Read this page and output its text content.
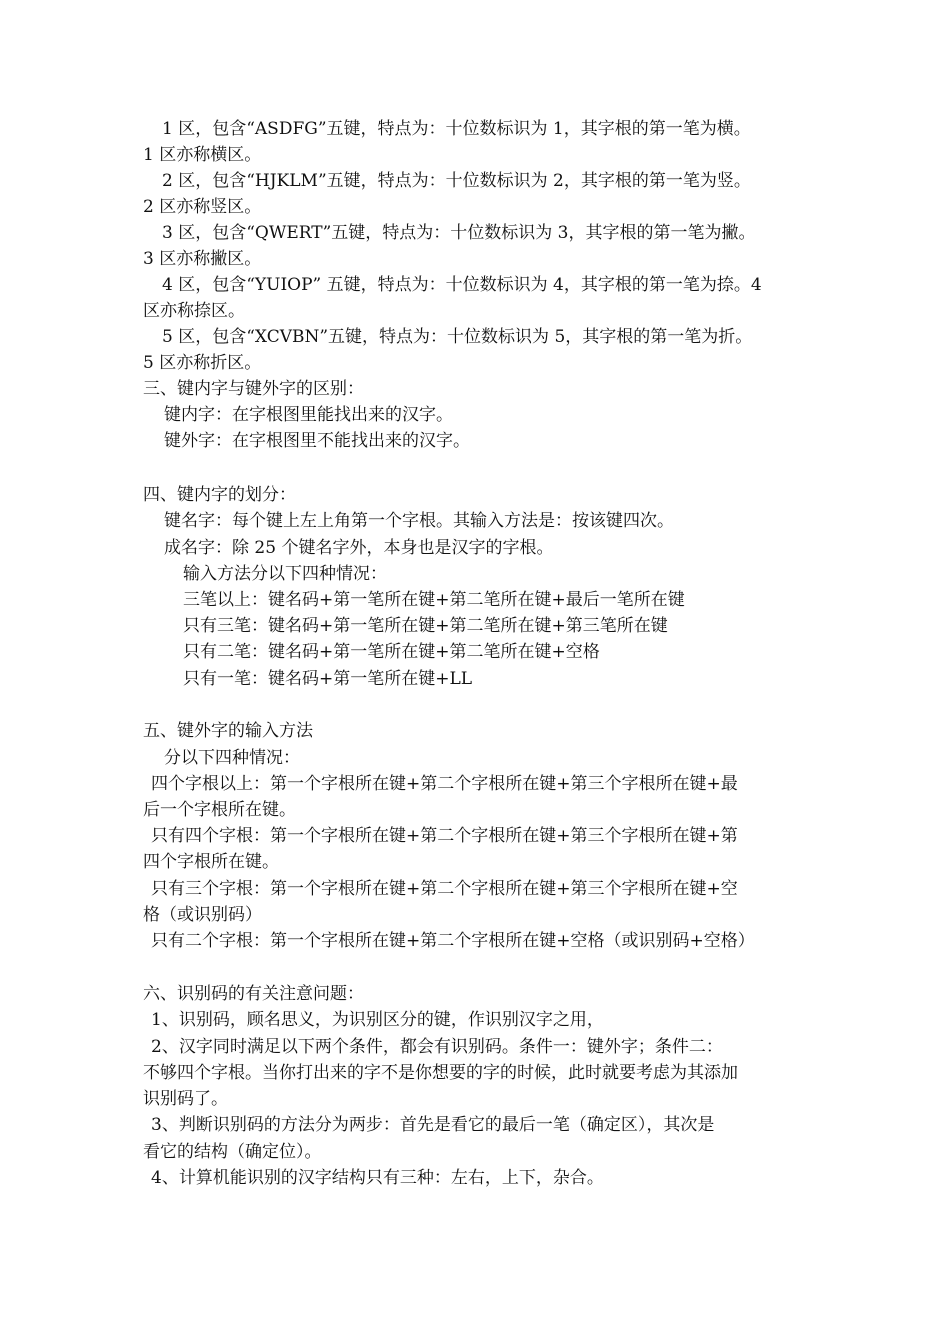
1 区，包含“ASDFG”五键，特点为：十位数标识为 1，其字根的第一笔为横。
1 区亦称横区。
2 区，包含“HJKLM”五键，特点为：十位数标识为 2，其字根的第一笔为竖。
2 区亦称竖区。
3 区，包含“QWERT”五键，特点为：十位数标识为 3，其字根的第一笔为撇。
3 区亦称撇区。
4 区，包含“YUIOP” 五键，特点为：十位数标识为 4，其字根的第一笔为捺。4
区亦称捺区。
5 区，包含“XCVBN”五键，特点为：十位数标识为 5，其字根的第一笔为折。
5 区亦称折区。
三、键内字与键外字的区别：
键内字：在字根图里能找出来的汉字。
键外字：在字根图里不能找出来的汉字。
四、键内字的划分：
键名字：每个键上左上角第一个字根。其输入方法是：按该键四次。
成名字：除 25 个键名字外，本身也是汉字的字根。
输入方法分以下四种情况：
三笔以上：键名码+第一笔所在键+第二笔所在键+最后一笔所在键
只有三笔：键名码+第一笔所在键+第二笔所在键+第三笔所在键
只有二笔：键名码+第一笔所在键+第二笔所在键+空格
只有一笔：键名码+第一笔所在键+LL
五、键外字的输入方法
分以下四种情况：
四个字根以上：第一个字根所在键+第二个字根所在键+第三个字根所在键+最
后一个字根所在键。
只有四个字根：第一个字根所在键+第二个字根所在键+第三个字根所在键+第
四个字根所在键。
只有三个字根：第一个字根所在键+第二个字根所在键+第三个字根所在键+空
格（或识别码）
只有二个字根：第一个字根所在键+第二个字根所在键+空格（或识别码+空格）
六、识别码的有关注意问题：
1、识别码，顾名思义，为识别区分的键，作识别汉字之用，
2、汉字同时满足以下两个条件，都会有识别码。条件一：键外字；条件二：
不够四个字根。当你打出来的字不是你想要的字的时候，此时就要考虑为其添加
识别码了。
3、判断识别码的方法分为两步：首先是看它的最后一笔（确定区），其次是
看它的结构（确定位）。
4、计算机能识别的汉字结构只有三种：左右，上下，杂合。
